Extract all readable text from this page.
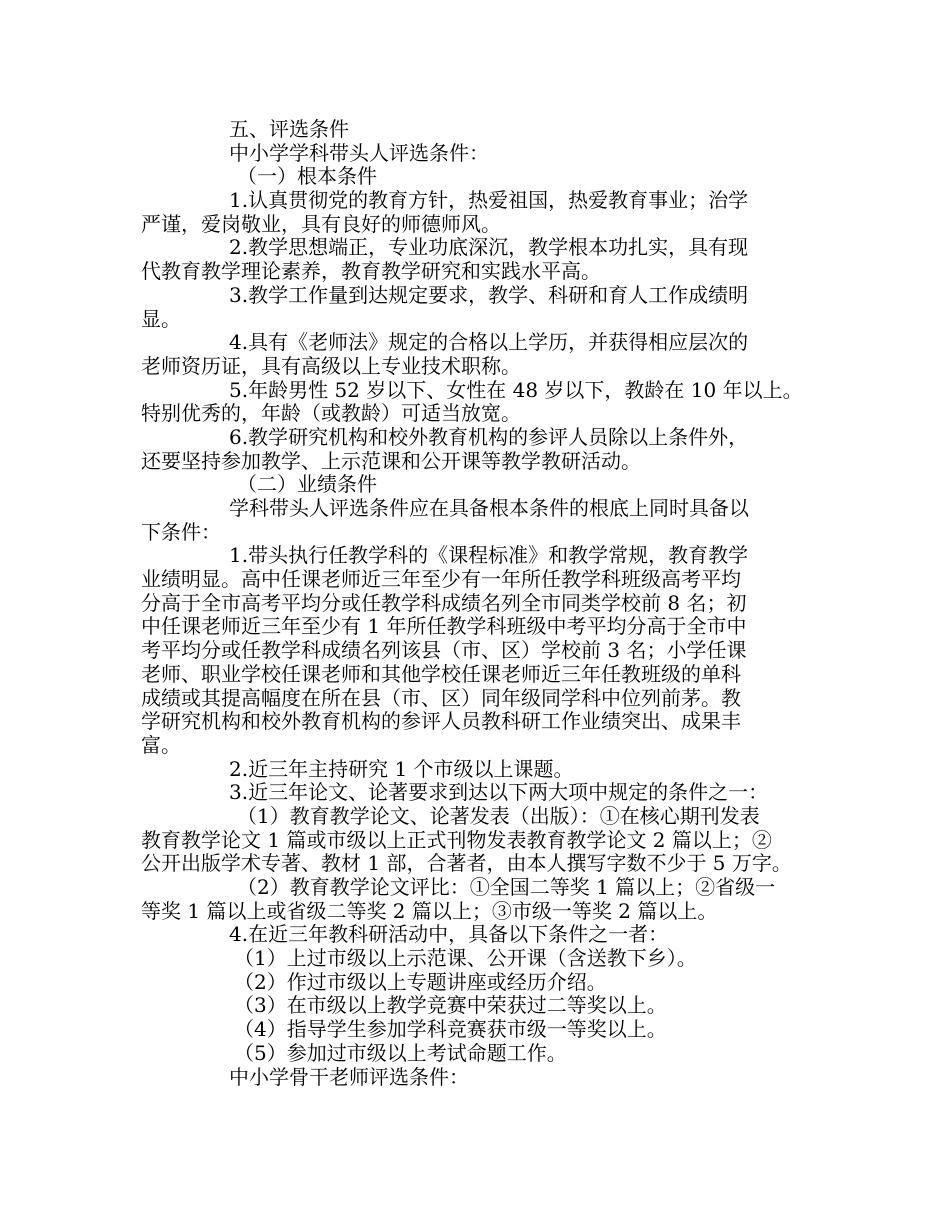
五、评选条件
中小学学科带头人评选条件：
（一）根本条件
1.认真贯彻党的教育方针，热爱祖国，热爱教育事业；治学
严谨，爱岗敬业，具有良好的师德师风。
2.教学思想端正，专业功底深沉，教学根本功扎实，具有现
代教育教学理论素养，教育教学研究和实践水平高。
3.教学工作量到达规定要求，教学、科研和育人工作成绩明
显。
4.具有《老师法》规定的合格以上学历，并获得相应层次的
老师资历证，具有高级以上专业技术职称。
5.年龄男性 52 岁以下、女性在 48 岁以下，教龄在 10 年以上。
特别优秀的，年龄（或教龄）可适当放宽。
6.教学研究机构和校外教育机构的参评人员除以上条件外，
还要坚持参加教学、上示范课和公开课等教学教研活动。
（二）业绩条件
学科带头人评选条件应在具备根本条件的根底上同时具备以
下条件：
1.带头执行任教学科的《课程标准》和教学常规，教育教学
业绩明显。高中任课老师近三年至少有一年所任教学科班级高考平均
分高于全市高考平均分或任教学科成绩名列全市同类学校前 8 名；初
中任课老师近三年至少有 1 年所任教学科班级中考平均分高于全市中
考平均分或任教学科成绩名列该县（市、区）学校前 3 名；小学任课
老师、职业学校任课老师和其他学校任课老师近三年任教班级的单科
成绩或其提高幅度在所在县（市、区）同年级同学科中位列前茅。教
学研究机构和校外教育机构的参评人员教科研工作业绩突出、成果丰
富。
2.近三年主持研究 1 个市级以上课题。
3.近三年论文、论著要求到达以下两大项中规定的条件之一：
（1）教育教学论文、论著发表（出版）：①在核心期刊发表
教育教学论文 1 篇或市级以上正式刊物发表教育教学论文 2 篇以上；②
公开出版学术专著、教材 1 部，合著者，由本人撰写字数不少于 5 万字。
（2）教育教学论文评比：①全国二等奖 1 篇以上；②省级一
等奖 1 篇以上或省级二等奖 2 篇以上；③市级一等奖 2 篇以上。
4.在近三年教科研活动中，具备以下条件之一者：
（1）上过市级以上示范课、公开课（含送教下乡）。
（2）作过市级以上专题讲座或经历介绍。
（3）在市级以上教学竞赛中荣获过二等奖以上。
（4）指导学生参加学科竞赛获市级一等奖以上。
（5）参加过市级以上考试命题工作。
中小学骨干老师评选条件：
